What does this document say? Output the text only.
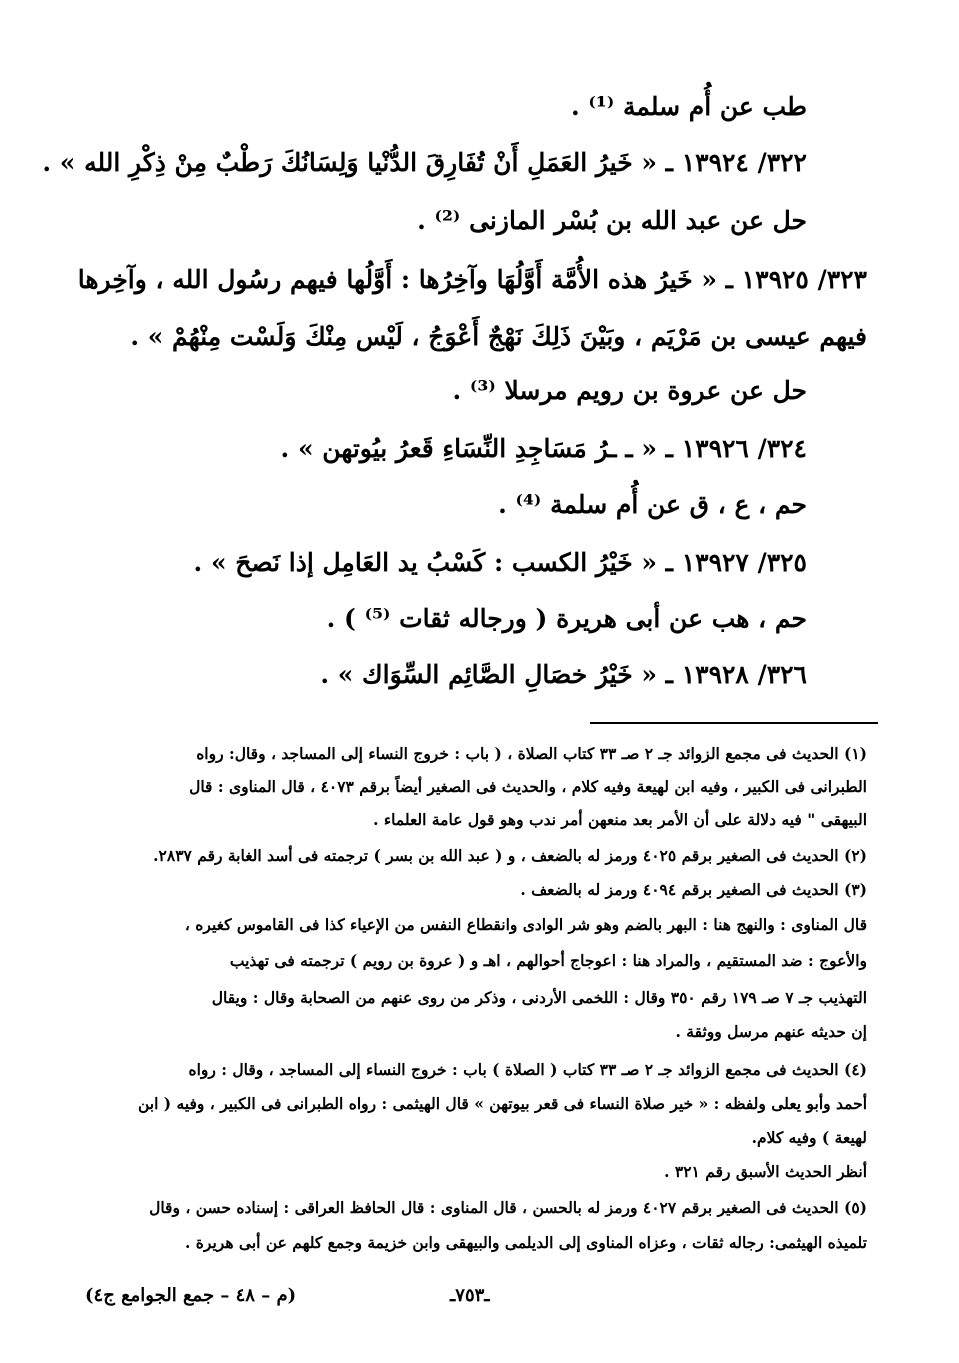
طب عن أُم سلمة ⁽¹⁾ .
٣٢٢/ ١٣٩٢٤ ـ « خَيرُ العَمَلِ أَنْ تُفَارِقَ الدُّنْيا وَلِسَانُكَ رَطْبٌ مِنْ ذِكْرِ الله » .
حل عن عبد الله بن بُسْر المازنى ⁽²⁾ .
٣٢٣/ ١٣٩٢٥ ـ « خَيرُ هذه الأُمَّة أَوَّلُهَا وآخِرُها : أَوَّلُها فيهم رسُول الله ، وآخِرها
فيهم عيسى بن مَرْيَم ، وبَيْنَ ذَلِكَ نَهْجٌ أَعْوَجُ ، لَيْس مِنْكَ وَلَسْت مِنْهُمْ » .
حل عن عروة بن رويم مرسلا ⁽³⁾ .
٣٢٤/ ١٣٩٢٦ ـ « ـ ـرُ مَسَاجِدِ النِّسَاءِ قَعرُ بيُوتهن » .
حم ، ع ، ق عن أُم سلمة ⁽⁴⁾ .
٣٢٥/ ١٣٩٢٧ ـ « خَيْرُ الكسب : كَسْبُ يد العَامِل إذا نَصحَ » .
حم ، هب عن أبى هريرة ( ورجاله ثقات ⁽⁵⁾ ) .
٣٢٦/ ١٣٩٢٨ ـ « خَيْرُ خصَالِ الصَّائِم السِّوَاك » .
(١) الحديث فى مجمع الزوائد جـ ٢ صـ ٣٣ كتاب الصلاة ، ( باب : خروج النساء إلى المساجد ، وقال: رواه
الطبرانى فى الكبير ، وفيه ابن لهيعة وفيه كلام ، والحديث فى الصغير أيضاً برقم ٤٠٧٣ ، قال المناوى : قال
البيهقى " فيه دلالة على أن الأمر بعد منعهن أمر ندب وهو قول عامة العلماء .
(٢) الحديث فى الصغير برقم ٤٠٢٥ ورمز له بالضعف ، و ( عبد الله بن بسر ) ترجمته فى أسد الغابة رقم ٢٨٣٧.
(٣) الحديث فى الصغير برقم ٤٠٩٤ ورمز له بالضعف .
قال المناوى : والنهج هنا : البهر بالضم وهو شر الوادى وانقطاع النفس من الإعياء كذا فى القاموس كغيره ،
والأعوج : ضد المستقيم ، والمراد هنا : اعوجاج أحوالهم ، اهـ و ( عروة بن رويم ) ترجمته فى تهذيب
التهذيب جـ ٧ صـ ١٧٩ رقم ٣٥٠ وقال : اللخمى الأردنى ، وذكر من روى عنهم من الصحابة وقال : ويقال
إن حديثه عنهم مرسل ووثقة .
(٤) الحديث فى مجمع الزوائد جـ ٢ صـ ٣٣ كتاب ( الصلاة ) باب : خروج النساء إلى المساجد ، وقال : رواه
أحمد وأبو يعلى ولفظه : « خير صلاة النساء فى قعر بيوتهن » قال الهيثمى : رواه الطبرانى فى الكبير ، وفيه ( ابن
لهيعة ) وفيه كلام.
أنظر الحديث الأسبق رقم ٣٢١ .
(٥) الحديث فى الصغير برقم ٤٠٢٧ ورمز له بالحسن ، قال المناوى : قال الحافظ العراقى : إسناده حسن ، وقال
تلميذه الهيثمى: رجاله ثقات ، وعزاه المناوى إلى الديلمى والبيهقى وابن خزيمة وجمع كلهم عن أبى هريرة .
ـ٧٥٣ـ
(م – ٤٨ – جمع الجوامع ج٤)
